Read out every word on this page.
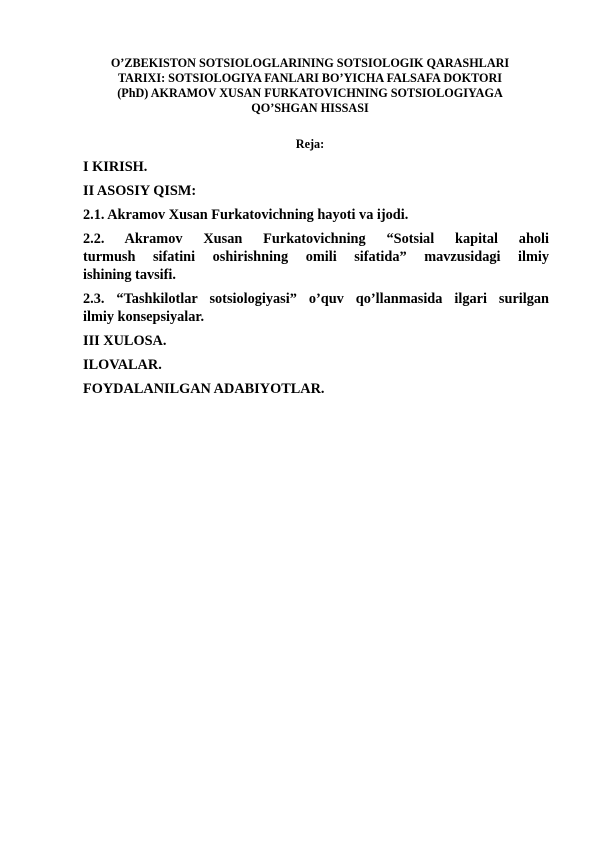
O’ZBEKISTON SOTSIOLOGLARINING SOTSIOLOGIK QARASHLARI
TARIXI: SOTSIOLOGIYA FANLARI BO’YICHA FALSAFA DOKTORI
(PhD) AKRAMOV XUSAN FURKATOVICHNING SOTSIOLOGIYAGA
QO’SHGAN HISSASI
Reja:
I KIRISH.
II ASOSIY QISM:
2.1. Akramov Xusan Furkatovichning hayoti va ijodi.
2.2. Akramov Xusan Furkatovichning “Sotsial kapital aholi
turmush sifatini oshirishning omili sifatida” mavzusidagi ilmiy
ishining tavsifi.
2.3. “Tashkilotlar sotsiologiyasi” o’quv qo’llanmasida ilgari surilgan
ilmiy konsepsiyalar.
III XULOSA.
ILOVALAR.
FOYDALANILGAN ADABIYOTLAR.
